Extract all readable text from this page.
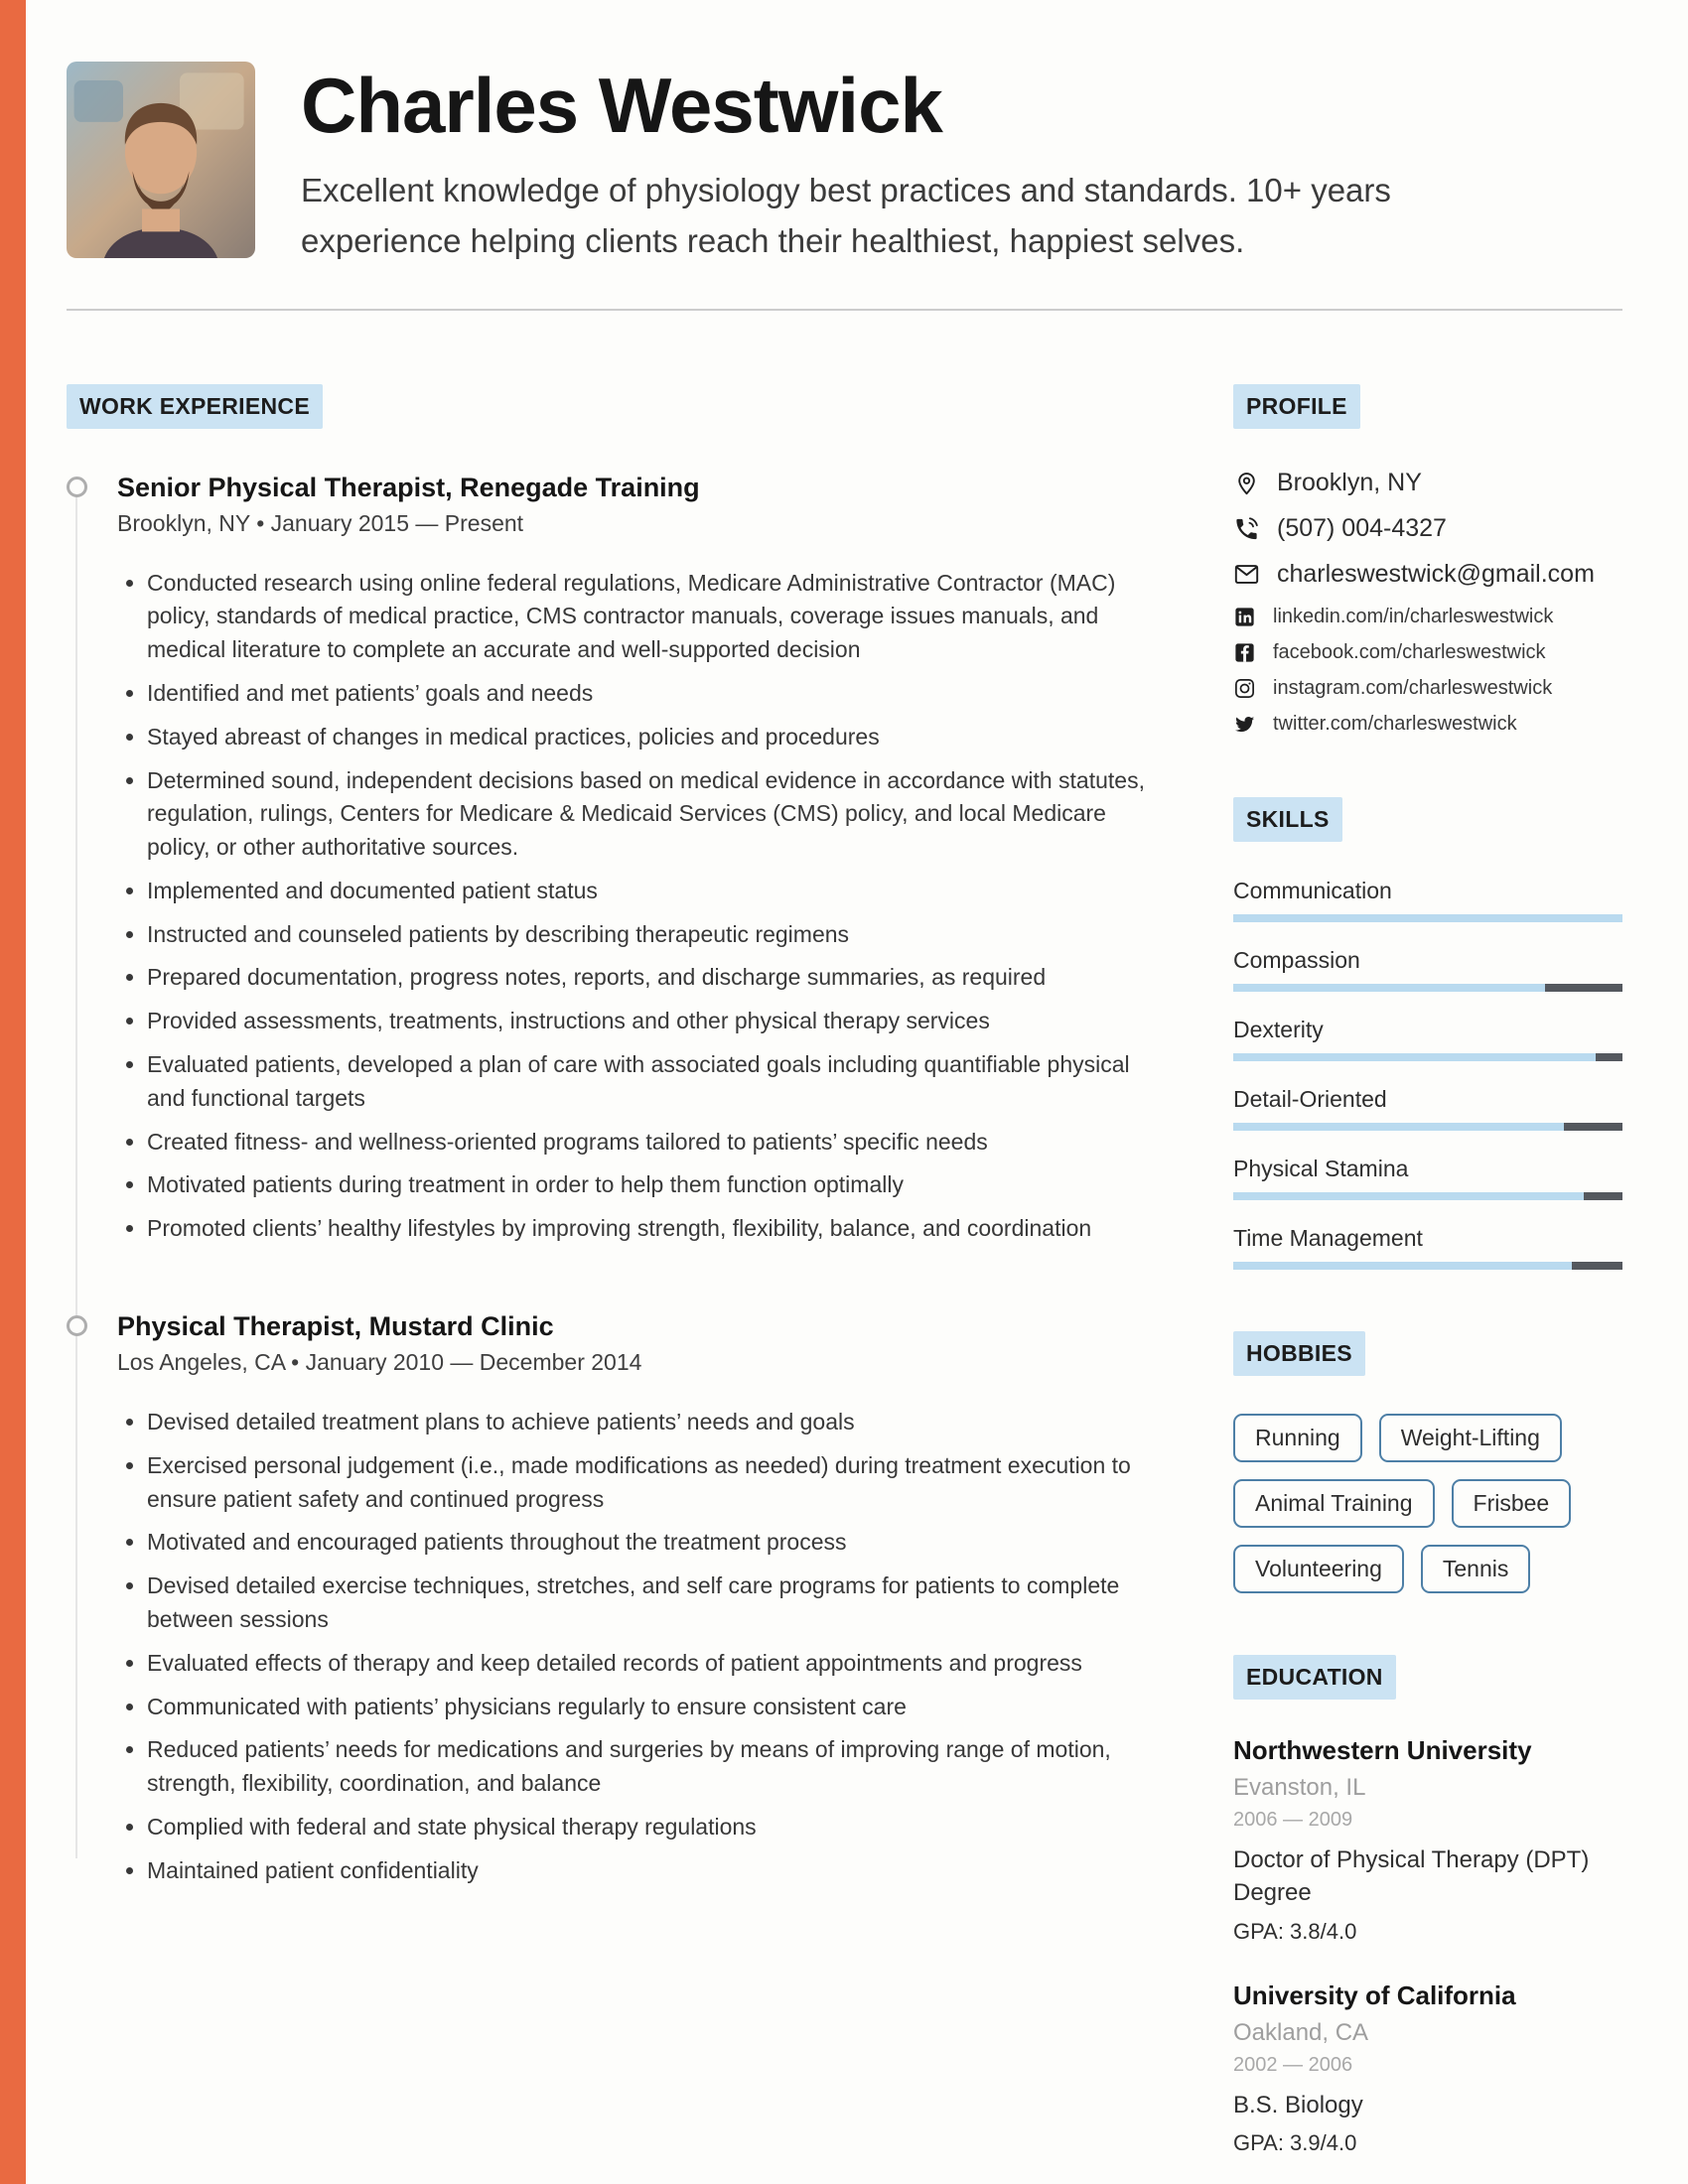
Charles Westwick

Excellent knowledge of physiology best practices and standards. 10+ years experience helping clients reach their healthiest, happiest selves.

WORK EXPERIENCE
Senior Physical Therapist, Renegade Training
Brooklyn, NY • January 2015 — Present
• Conducted research using online federal regulations, Medicare Administrative Contractor (MAC) policy, standards of medical practice, CMS contractor manuals, coverage issues manuals, and medical literature to complete an accurate and well-supported decision
• Identified and met patients’ goals and needs
• Stayed abreast of changes in medical practices, policies and procedures
• Determined sound, independent decisions based on medical evidence in accordance with statutes, regulation, rulings, Centers for Medicare & Medicaid Services (CMS) policy, and local Medicare policy, or other authoritative sources.
• Implemented and documented patient status
• Instructed and counseled patients by describing therapeutic regimens
• Prepared documentation, progress notes, reports, and discharge summaries, as required
• Provided assessments, treatments, instructions and other physical therapy services
• Evaluated patients, developed a plan of care with associated goals including quantifiable physical and functional targets
• Created fitness- and wellness-oriented programs tailored to patients’ specific needs
• Motivated patients during treatment in order to help them function optimally
• Promoted clients’ healthy lifestyles by improving strength, flexibility, balance, and coordination
Physical Therapist, Mustard Clinic
Los Angeles, CA • January 2010 — December 2014
• Devised detailed treatment plans to achieve patients’ needs and goals
• Exercised personal judgement (i.e., made modifications as needed) during treatment execution to ensure patient safety and continued progress
• Motivated and encouraged patients throughout the treatment process
• Devised detailed exercise techniques, stretches, and self care programs for patients to complete between sessions
• Evaluated effects of therapy and keep detailed records of patient appointments and progress
• Communicated with patients’ physicians regularly to ensure consistent care
• Reduced patients’ needs for medications and surgeries by means of improving range of motion, strength, flexibility, coordination, and balance
• Complied with federal and state physical therapy regulations
• Maintained patient confidentiality
PROFILE
Brooklyn, NY
(507) 004-4327
charleswestwick@gmail.com
linkedin.com/in/charleswestwick
facebook.com/charleswestwick
instagram.com/charleswestwick
twitter.com/charleswestwick
SKILLS
Communication
Compassion
Dexterity
Detail-Oriented
Physical Stamina
Time Management
HOBBIES
Running	Weight-Lifting
Animal Training	Frisbee
Volunteering	Tennis
EDUCATION
Northwestern University
Evanston, IL
2006 — 2009
Doctor of Physical Therapy (DPT) Degree
GPA: 3.8/4.0
University of California
Oakland, CA
2002 — 2006
B.S. Biology
GPA: 3.9/4.0
